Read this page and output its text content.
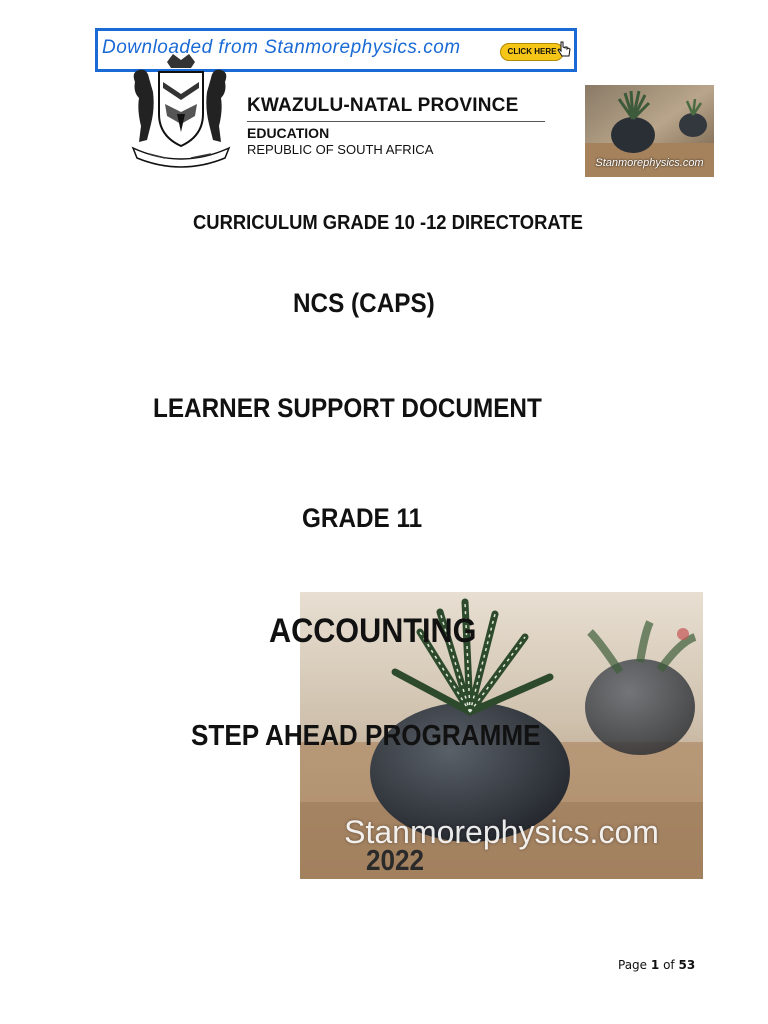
Downloaded from Stanmorephysics.com	CLICK HERE
KWAZULU-NATAL PROVINCE
EDUCATION
REPUBLIC OF SOUTH AFRICA
Stanmorephysics.com
Stanmorephysics.com
CURRICULUM GRADE 10 -12 DIRECTORATE
NCS (CAPS)
LEARNER SUPPORT DOCUMENT
GRADE 11
ACCOUNTING
STEP AHEAD PROGRAMME
2022
Page 1 of 53
